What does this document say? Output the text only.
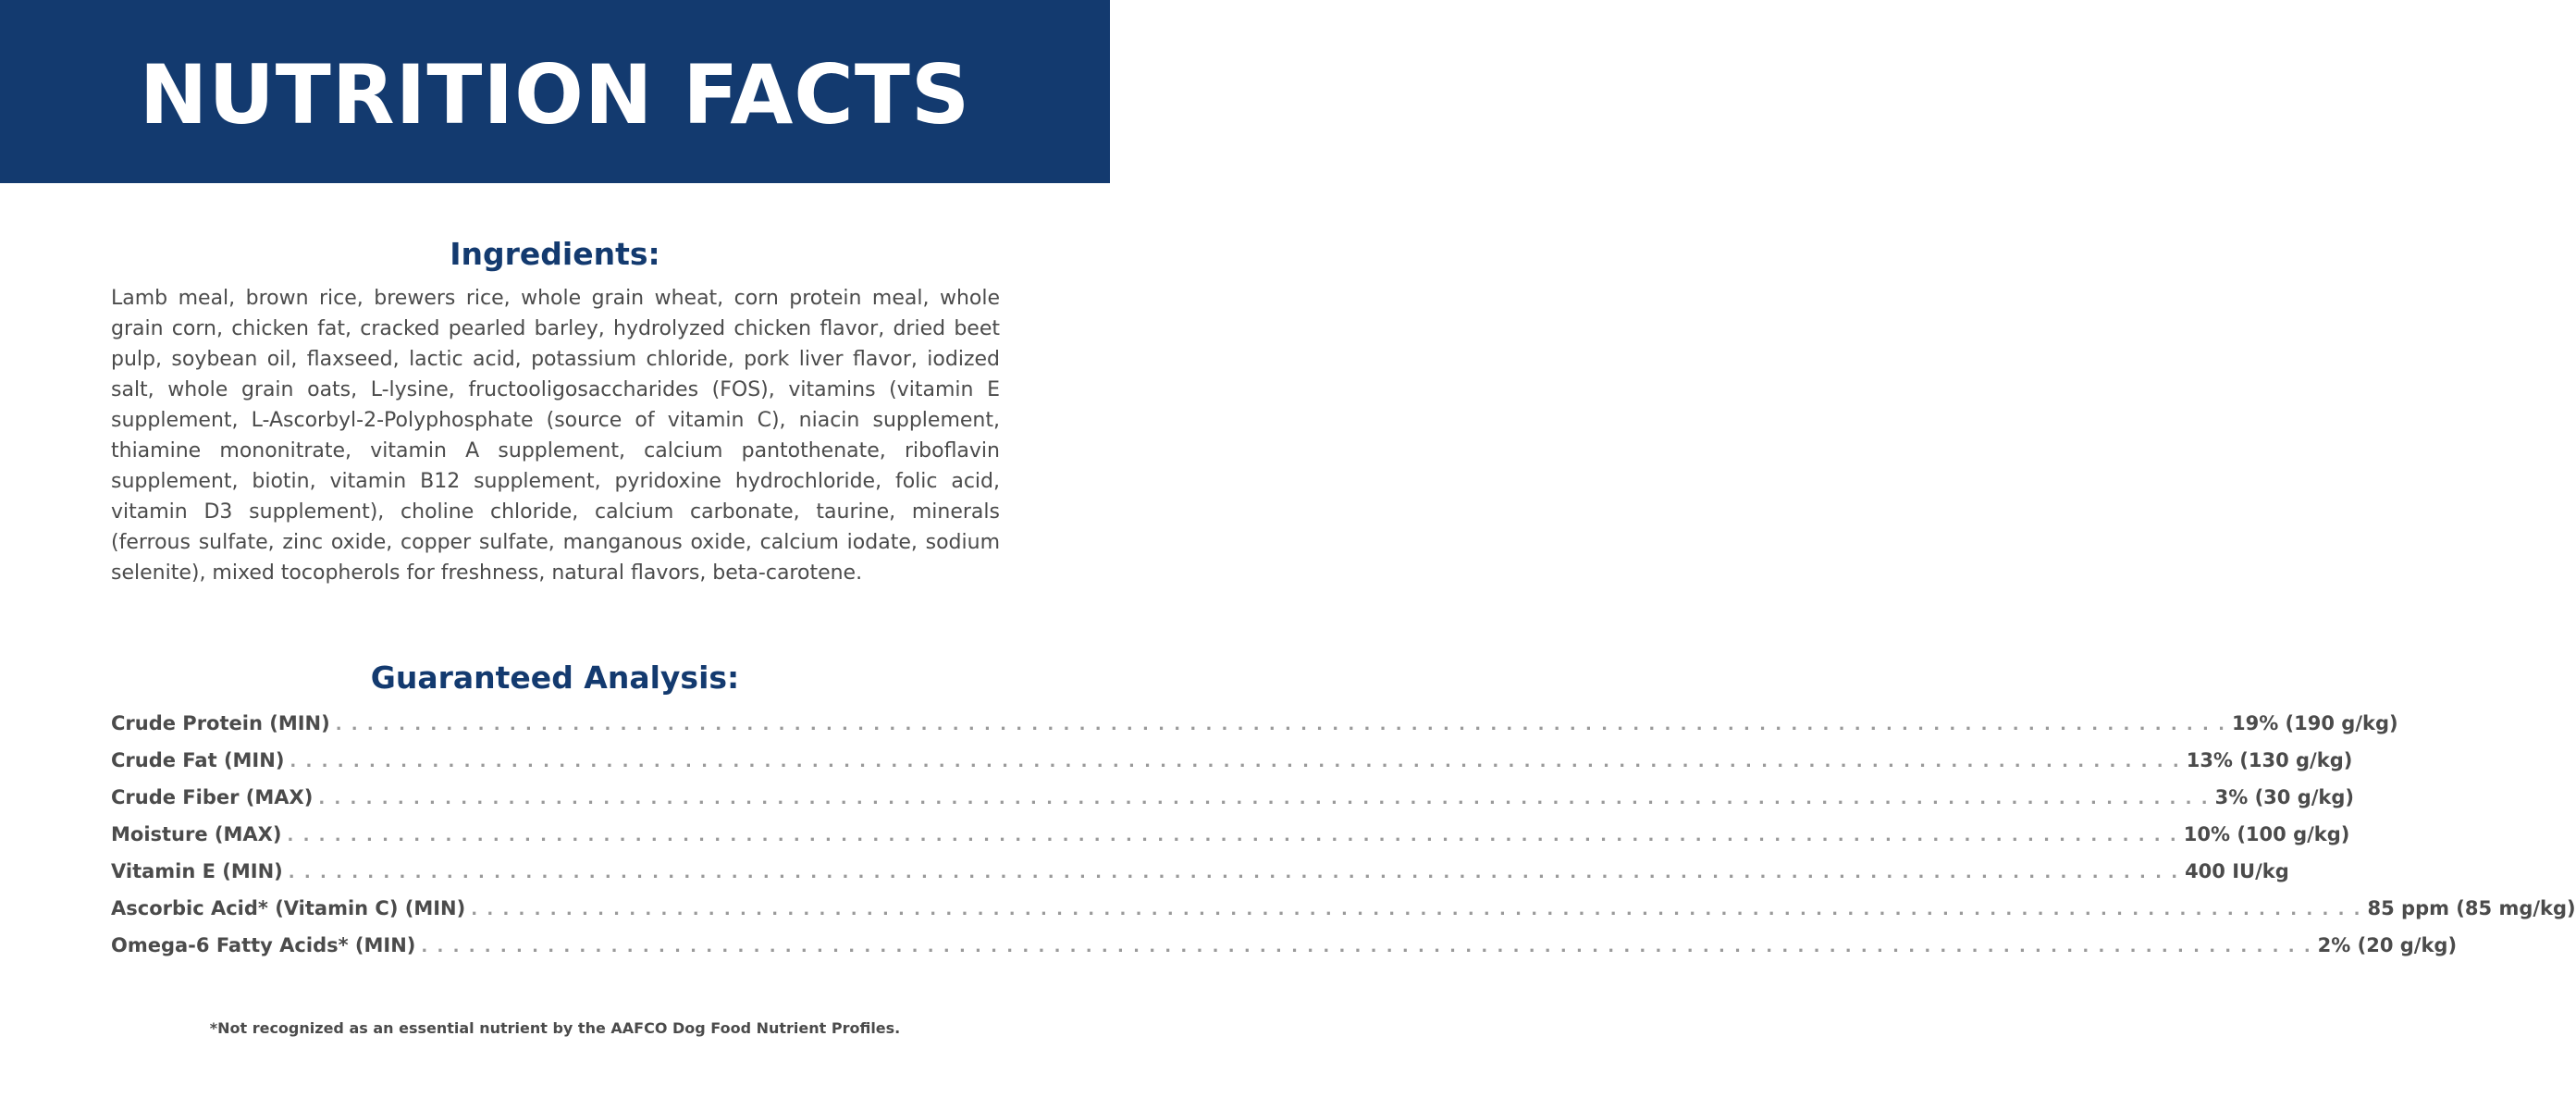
NUTRITION FACTS
Ingredients:

Lamb meal, brown rice, brewers rice, whole grain wheat, corn protein meal, whole grain corn, chicken fat, cracked pearled barley, hydrolyzed chicken flavor, dried beet pulp, soybean oil, flaxseed, lactic acid, potassium chloride, pork liver flavor, iodized salt, whole grain oats, L-lysine, fructooligosaccharides (FOS), vitamins (vitamin E supplement, L-Ascorbyl-2-Polyphosphate (source of vitamin C), niacin supplement, thiamine mononitrate, vitamin A supplement, calcium pantothenate, riboflavin supplement, biotin, vitamin B12 supplement, pyridoxine hydrochloride, folic acid, vitamin D3 supplement), choline chloride, calcium carbonate, taurine, minerals (ferrous sulfate, zinc oxide, copper sulfate, manganous oxide, calcium iodate, sodium selenite), mixed tocopherols for freshness, natural flavors, beta-carotene.

Guaranteed Analysis:
Crude Protein (MIN) . . . . . . . . . . . . . . . . . . . . . . . . . . . . . . . . . . . . . . . . . . . . . . . . . . . . . . . . . . . . . . . . . . . . . . . . . . . . . . . . . . . . . . . . . . . . . . . . . . . . . . . . . . . . . . . . . . . . . . . . 19% (190 g/kg)
Crude Fat (MIN) . . . . . . . . . . . . . . . . . . . . . . . . . . . . . . . . . . . . . . . . . . . . . . . . . . . . . . . . . . . . . . . . . . . . . . . . . . . . . . . . . . . . . . . . . . . . . . . . . . . . . . . . . . . . . . . . . . . . . . . . 13% (130 g/kg)
Crude Fiber (MAX) . . . . . . . . . . . . . . . . . . . . . . . . . . . . . . . . . . . . . . . . . . . . . . . . . . . . . . . . . . . . . . . . . . . . . . . . . . . . . . . . . . . . . . . . . . . . . . . . . . . . . . . . . . . . . . . . . . . . . . . . 3% (30 g/kg)
Moisture (MAX) . . . . . . . . . . . . . . . . . . . . . . . . . . . . . . . . . . . . . . . . . . . . . . . . . . . . . . . . . . . . . . . . . . . . . . . . . . . . . . . . . . . . . . . . . . . . . . . . . . . . . . . . . . . . . . . . . . . . . . . . 10% (100 g/kg)
Vitamin E (MIN) . . . . . . . . . . . . . . . . . . . . . . . . . . . . . . . . . . . . . . . . . . . . . . . . . . . . . . . . . . . . . . . . . . . . . . . . . . . . . . . . . . . . . . . . . . . . . . . . . . . . . . . . . . . . . . . . . . . . . . . . 400 IU/kg
Ascorbic Acid* (Vitamin C) (MIN) . . . . . . . . . . . . . . . . . . . . . . . . . . . . . . . . . . . . . . . . . . . . . . . . . . . . . . . . . . . . . . . . . . . . . . . . . . . . . . . . . . . . . . . . . . . . . . . . . . . . . . . . . . . . . . . . . . . . . . . . 85 ppm (85 mg/kg)
Omega-6 Fatty Acids* (MIN) . . . . . . . . . . . . . . . . . . . . . . . . . . . . . . . . . . . . . . . . . . . . . . . . . . . . . . . . . . . . . . . . . . . . . . . . . . . . . . . . . . . . . . . . . . . . . . . . . . . . . . . . . . . . . . . . . . . . . . . . 2% (20 g/kg)

*Not recognized as an essential nutrient by the AAFCO Dog Food Nutrient Profiles.
